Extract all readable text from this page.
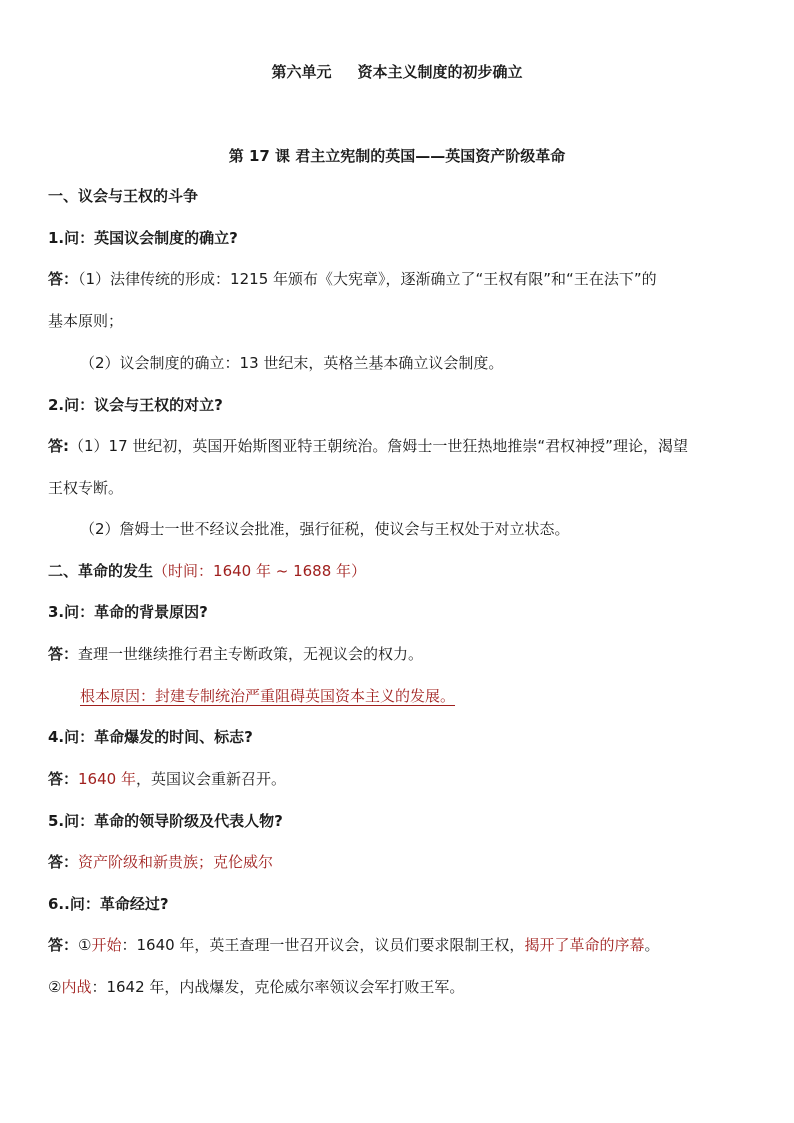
第六单元 资本主义制度的初步确立
第 17 课 君主立宪制的英国——英国资产阶级革命
一、议会与王权的斗争
1.问：英国议会制度的确立?
答：（1）法律传统的形成：1215 年颁布《大宪章》，逐渐确立了“王权有限”和“王在法下”的
基本原则；
（2）议会制度的确立：13 世纪末，英格兰基本确立议会制度。
2.问：议会与王权的对立?
答:（1）17 世纪初，英国开始斯图亚特王朝统治。詹姆士一世狂热地推崇“君权神授”理论，渴望
王权专断。
（2）詹姆士一世不经议会批准，强行征税，使议会与王权处于对立状态。
二、革命的发生（时间：1640 年 ~ 1688 年）
3.问：革命的背景原因?
答：查理一世继续推行君主专断政策，无视议会的权力。
根本原因：封建专制统治严重阻碍英国资本主义的发展。
4.问：革命爆发的时间、标志?
答：1640 年，英国议会重新召开。
5.问：革命的领导阶级及代表人物?
答：资产阶级和新贵族；克伦威尔
6..问：革命经过?
答：①开始：1640 年，英王查理一世召开议会，议员们要求限制王权，揭开了革命的序幕。
②内战：1642 年，内战爆发，克伦威尔率领议会军打败王军。
